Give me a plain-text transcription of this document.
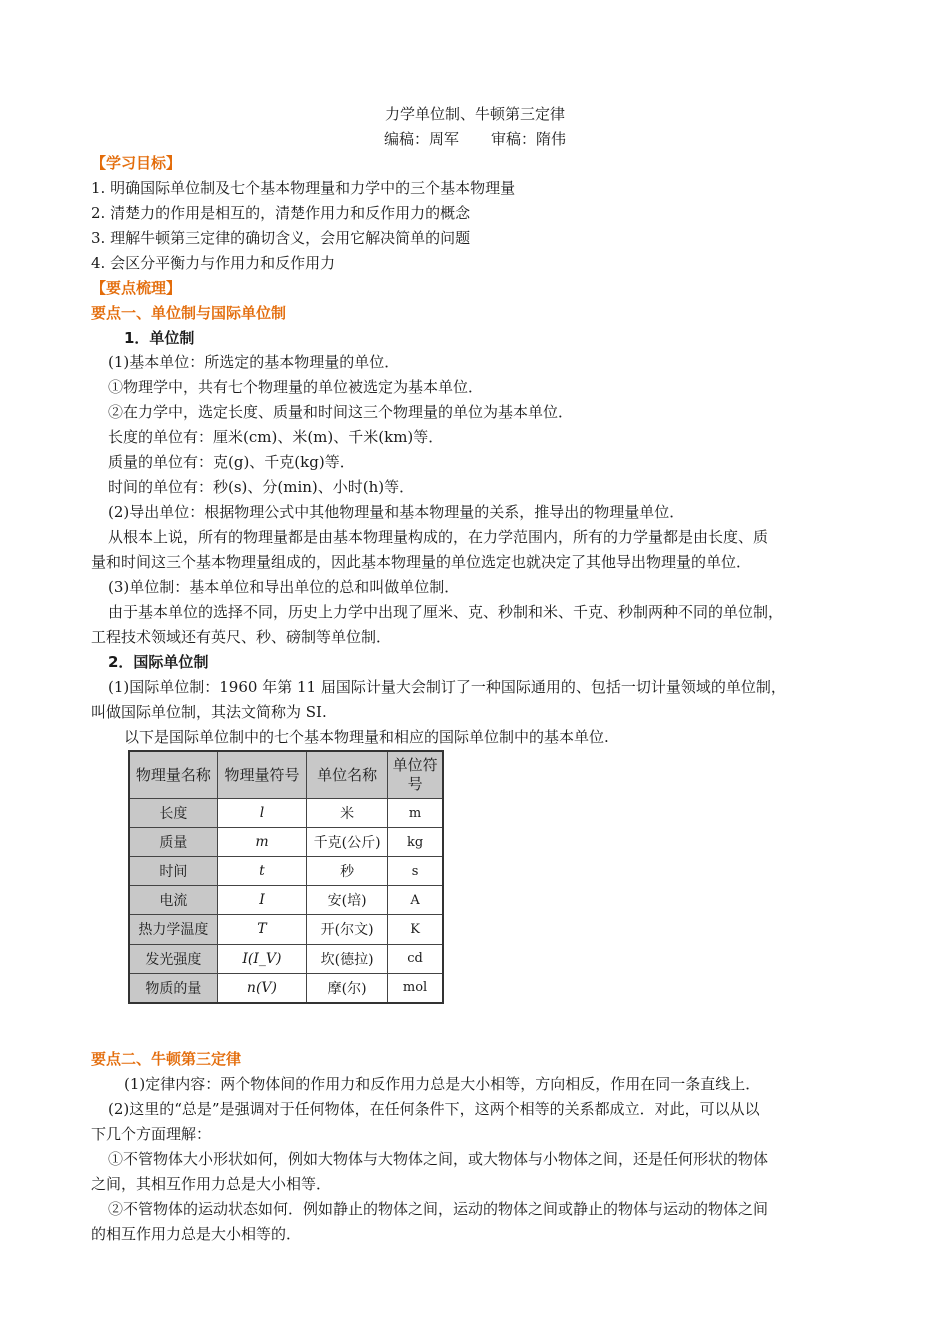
力学单位制、牛顿第三定律
编稿：周军 审稿：隋伟
【学习目标】
1. 明确国际单位制及七个基本物理量和力学中的三个基本物理量
2. 清楚力的作用是相互的，清楚作用力和反作用力的概念
3. 理解牛顿第三定律的确切含义，会用它解决简单的问题
4. 会区分平衡力与作用力和反作用力
【要点梳理】
要点一、单位制与国际单位制
1．单位制
(1)基本单位：所选定的基本物理量的单位．
①物理学中，共有七个物理量的单位被选定为基本单位．
②在力学中，选定长度、质量和时间这三个物理量的单位为基本单位．
长度的单位有：厘米(cm)、米(m)、千米(km)等．
质量的单位有：克(g)、千克(kg)等．
时间的单位有：秒(s)、分(min)、小时(h)等．
(2)导出单位：根据物理公式中其他物理量和基本物理量的关系，推导出的物理量单位．
从根本上说，所有的物理量都是由基本物理量构成的，在力学范围内，所有的力学量都是由长度、质
量和时间这三个基本物理量组成的，因此基本物理量的单位选定也就决定了其他导出物理量的单位．
(3)单位制：基本单位和导出单位的总和叫做单位制．
由于基本单位的选择不同，历史上力学中出现了厘米、克、秒制和米、千克、秒制两种不同的单位制，
工程技术领域还有英尺、秒、磅制等单位制．
2．国际单位制
(1)国际单位制：1960 年第 11 届国际计量大会制订了一种国际通用的、包括一切计量领域的单位制，
叫做国际单位制，其法文简称为 SI.
以下是国际单位制中的七个基本物理量和相应的国际单位制中的基本单位.
物理量名称	物理量符号	单位名称	单位符号
长度	l	米	m
质量	m	千克(公斤)	kg
时间	t	秒	s
电流	I	安(培)	A
热力学温度	T	开(尔文)	K
发光强度	I(I_V)	坎(德拉)	cd
物质的量	n(V)	摩(尔)	mol
要点二、牛顿第三定律
(1)定律内容：两个物体间的作用力和反作用力总是大小相等，方向相反，作用在同一条直线上．
(2)这里的“总是”是强调对于任何物体，在任何条件下，这两个相等的关系都成立．对此，可以从以
下几个方面理解：
①不管物体大小形状如何，例如大物体与大物体之间，或大物体与小物体之间，还是任何形状的物体
之间，其相互作用力总是大小相等．
②不管物体的运动状态如何．例如静止的物体之间，运动的物体之间或静止的物体与运动的物体之间
的相互作用力总是大小相等的．
